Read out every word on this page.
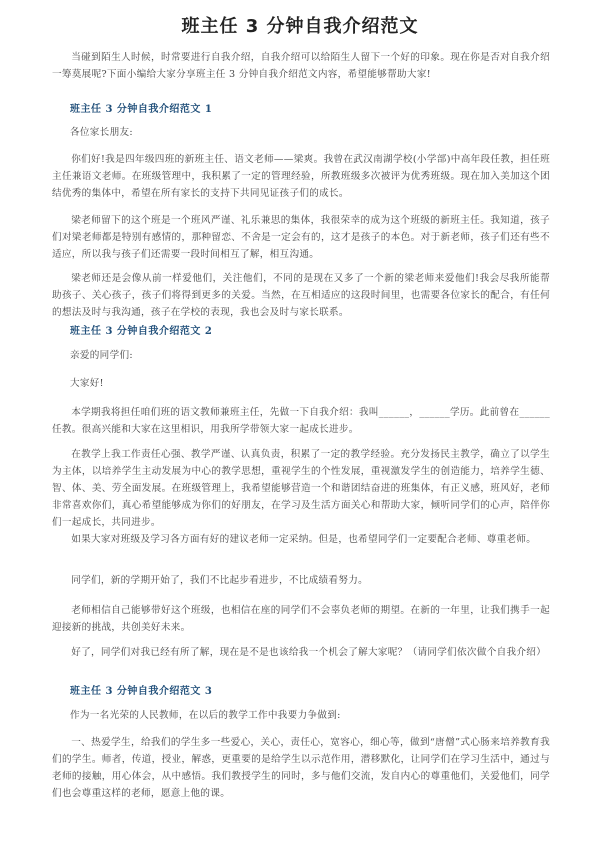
班主任 3 分钟自我介绍范文

当碰到陌生人时候，时常要进行自我介绍，自我介绍可以给陌生人留下一个好的印象。现在你是否对自我介绍一筹莫展呢?下面小编给大家分享班主任 3 分钟自我介绍范文内容，希望能够帮助大家!

班主任 3 分钟自我介绍范文 1

各位家长朋友:

你们好!我是四年级四班的新班主任、语文老师——梁爽。我曾在武汉南湖学校(小学部)中高年段任教，担任班主任兼语文老师。在班级管理中，我积累了一定的管理经验，所教班级多次被评为优秀班级。现在加入美加这个团结优秀的集体中，希望在所有家长的支持下共同见证孩子们的成长。

梁老师留下的这个班是一个班风严谨、礼乐兼思的集体，我很荣幸的成为这个班级的新班主任。我知道，孩子们对梁老师都是特别有感情的，那种留恋、不舍是一定会有的，这才是孩子的本色。对于新老师，孩子们还有些不适应，所以我与孩子们还需要一段时间相互了解，相互沟通。

梁老师还是会像从前一样爱他们，关注他们，不同的是现在又多了一个新的梁老师来爱他们!我会尽我所能帮助孩子、关心孩子，孩子们将得到更多的关爱。当然，在互相适应的这段时间里，也需要各位家长的配合，有任何的想法及时与我沟通，孩子在学校的表现，我也会及时与家长联系。

班主任 3 分钟自我介绍范文 2

亲爱的同学们:

大家好!

本学期我将担任咱们班的语文教师兼班主任，先做一下自我介绍：我叫______，______学历。此前曾在______任教。很高兴能和大家在这里相识，用我所学带领大家一起成长进步。

在教学上我工作责任心强、教学严谨、认真负责，积累了一定的教学经验。充分发扬民主教学，确立了以学生为主体，以培养学生主动发展为中心的教学思想，重视学生的个性发展，重视激发学生的创造能力，培养学生德、智、体、美、劳全面发展。在班级管理上，我希望能够营造一个和谐团结奋进的班集体，有正义感，班风好，老师非常喜欢你们，真心希望能够成为你们的好朋友，在学习及生活方面关心和帮助大家，倾听同学们的心声，陪伴你们一起成长，共同进步。

如果大家对班级及学习各方面有好的建议老师一定采纳。但是，也希望同学们一定要配合老师、尊重老师。

同学们，新的学期开始了，我们不比起步看进步，不比成绩看努力。

老师相信自己能够带好这个班级，也相信在座的同学们不会辜负老师的期望。在新的一年里，让我们携手一起迎接新的挑战，共创美好未来。

好了，同学们对我已经有所了解，现在是不是也该给我一个机会了解大家呢？（请同学们依次做个自我介绍）

班主任 3 分钟自我介绍范文 3

作为一名光荣的人民教师，在以后的教学工作中我要力争做到:

一、热爱学生，给我们的学生多一些爱心，关心，责任心，宽容心，细心等，做到“唐僧”式心肠来培养教育我们的学生。师者，传道，授业，解惑，更重要的是给学生以示范作用，潜移默化，让同学们在学习生活中，通过与老师的接触，用心体会，从中感悟。我们教授学生的同时，多与他们交流，发自内心的尊重他们，关爱他们，同学们也会尊重这样的老师，愿意上他的课。
